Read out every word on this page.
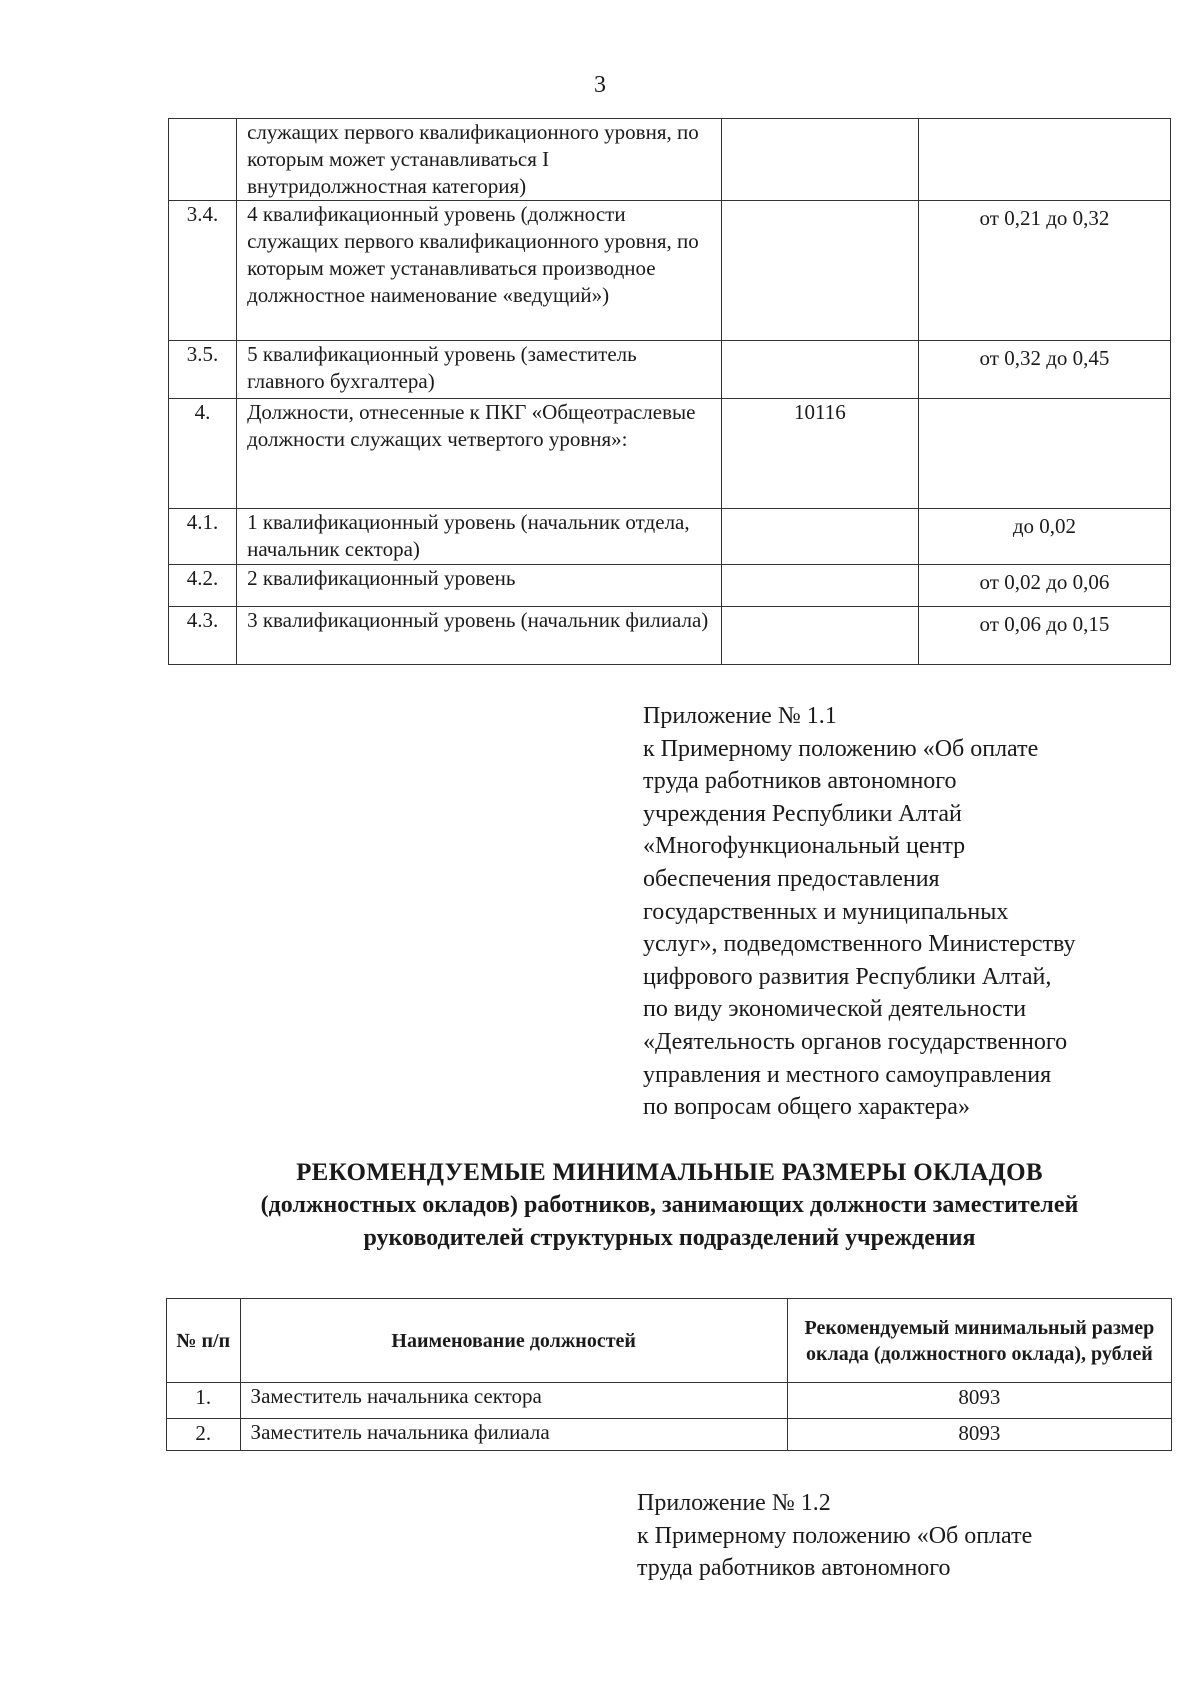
3
	служащих первого квалификационного уровня, по которым может устанавливаться I внутридолжностная категория)		
3.4.	4 квалификационный уровень (должности служащих первого квалификационного уровня, по которым может устанавливаться производное должностное наименование «ведущий»)		от 0,21 до 0,32
3.5.	5 квалификационный уровень (заместитель главного бухгалтера)		от 0,32 до 0,45
4.	Должности, отнесенные к ПКГ «Общеотраслевые должности служащих четвертого уровня»:	10116	
4.1.	1 квалификационный уровень (начальник отдела, начальник сектора)		до 0,02
4.2.	2 квалификационный уровень		от 0,02 до 0,06
4.3.	3 квалификационный уровень (начальник филиала)		от 0,06 до 0,15
Приложение № 1.1
к Примерному положению «Об оплате
труда работников автономного
учреждения Республики Алтай
«Многофункциональный центр
обеспечения предоставления
государственных и муниципальных
услуг», подведомственного Министерству
цифрового развития Республики Алтай,
по виду экономической деятельности
«Деятельность органов государственного
управления и местного самоуправления
по вопросам общего характера»
РЕКОМЕНДУЕМЫЕ МИНИМАЛЬНЫЕ РАЗМЕРЫ ОКЛАДОВ
(должностных окладов) работников, занимающих должности заместителей
руководителей структурных подразделений учреждения
№ п/п	Наименование должностей	Рекомендуемый минимальный размер оклада (должностного оклада), рублей
1.	Заместитель начальника сектора	8093
2.	Заместитель начальника филиала	8093
Приложение № 1.2
к Примерному положению «Об оплате
труда работников автономного
